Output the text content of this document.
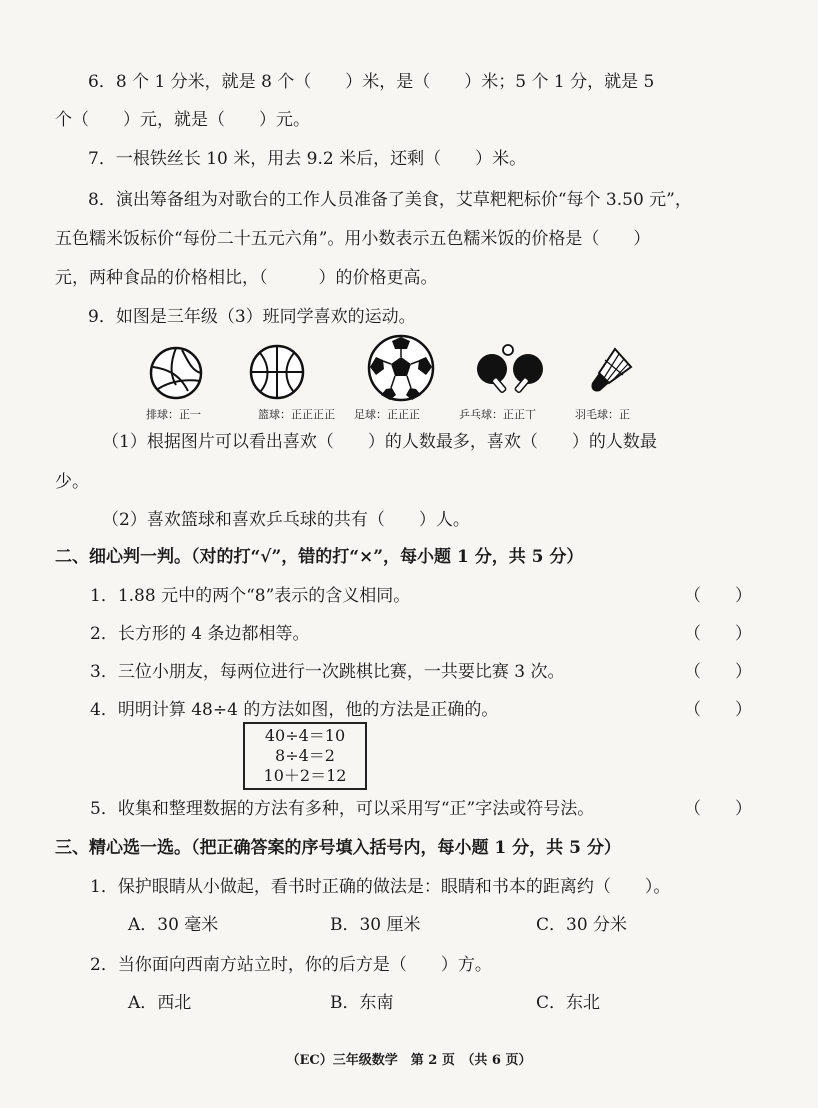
6．8 个 1 分米，就是 8 个（　　）米，是（　　）米；5 个 1 分，就是 5
个（　　）元，就是（　　）元。
7．一根铁丝长 10 米，用去 9.2 米后，还剩（　　）米。
8．演出筹备组为对歌台的工作人员准备了美食，艾草粑粑标价“每个 3.50 元”，
五色糯米饭标价“每份二十五元六角”。用小数表示五色糯米饭的价格是（　　）
元，两种食品的价格相比，（　　　）的价格更高。
9．如图是三年级（3）班同学喜欢的运动。
排球：正一	篮球：正正正正 足球：正正正	乒乓球：正正丅	羽毛球：正
（1）根据图片可以看出喜欢（　　）的人数最多，喜欢（　　）的人数最
少。
（2）喜欢篮球和喜欢乒乓球的共有（　　）人。
二、细心判一判。（对的打“√”，错的打“×”，每小题 1 分，共 5 分）
1．1.88 元中的两个“8”表示的含义相同。	（　　）
2．长方形的 4 条边都相等。	（　　）
3．三位小朋友，每两位进行一次跳棋比赛，一共要比赛 3 次。	（　　）
4．明明计算 48÷4 的方法如图，他的方法是正确的。	（　　）
40÷4＝10
8÷4＝2
10＋2＝12
5．收集和整理数据的方法有多种，可以采用写“正”字法或符号法。	（　　）
三、精心选一选。（把正确答案的序号填入括号内，每小题 1 分，共 5 分）
1．保护眼睛从小做起，看书时正确的做法是：眼睛和书本的距离约（　　）。
A．30 毫米	B．30 厘米	C．30 分米
2．当你面向西南方站立时，你的后方是（　　）方。
A．西北	B．东南	C．东北
（EC）三年级数学　第 2 页　（共 6 页）
